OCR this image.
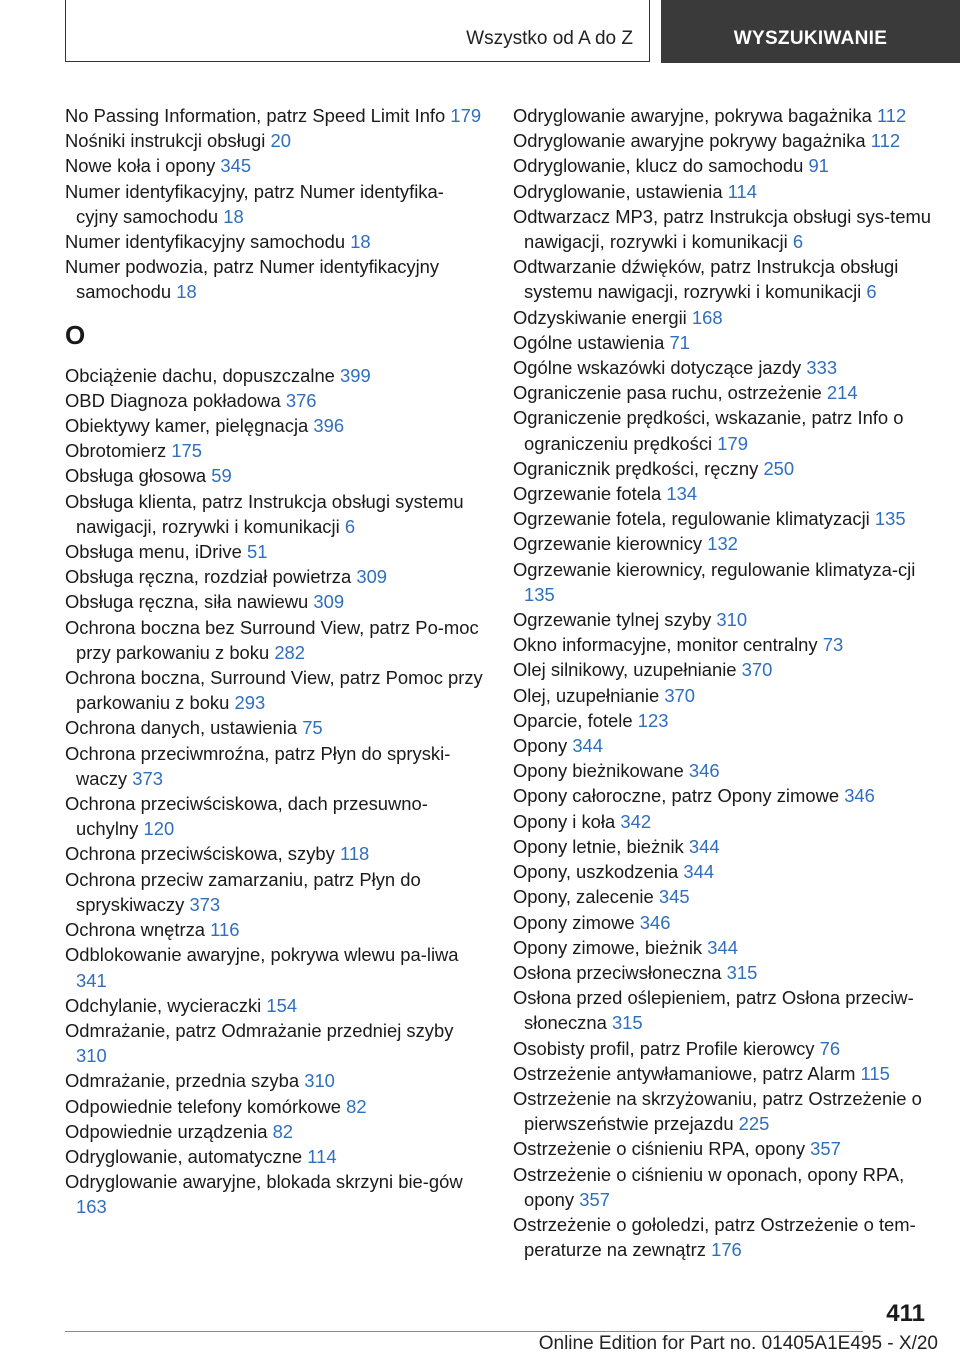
Wszystko od A do Z	WYSZUKIWANIE

No Passing Information, patrz Speed Limit Info 179

Nośniki instrukcji obsługi 20

Nowe koła i opony 345

Numer identyfikacyjny, patrz Numer identyfika-cyjny samochodu 18

Numer identyfikacyjny samochodu 18

Numer podwozia, patrz Numer identyfikacyjny samochodu 18

O

Obciążenie dachu, dopuszczalne 399

OBD Diagnoza pokładowa 376

Obiektywy kamer, pielęgnacja 396

Obrotomierz 175

Obsługa głosowa 59

Obsługa klienta, patrz Instrukcja obsługi systemu nawigacji, rozrywki i komunikacji 6

Obsługa menu, iDrive 51

Obsługa ręczna, rozdział powietrza 309

Obsługa ręczna, siła nawiewu 309

Ochrona boczna bez Surround View, patrz Po-moc przy parkowaniu z boku 282

Ochrona boczna, Surround View, patrz Pomoc przy parkowaniu z boku 293

Ochrona danych, ustawienia 75

Ochrona przeciwmroźna, patrz Płyn do spryski-waczy 373

Ochrona przeciwściskowa, dach przesuwno-uchylny 120

Ochrona przeciwściskowa, szyby 118

Ochrona przeciw zamarzaniu, patrz Płyn do spryskiwaczy 373

Ochrona wnętrza 116

Odblokowanie awaryjne, pokrywa wlewu pa-liwa 341

Odchylanie, wycieraczki 154

Odmrażanie, patrz Odmrażanie przedniej szyby 310

Odmrażanie, przednia szyba 310

Odpowiednie telefony komórkowe 82

Odpowiednie urządzenia 82

Odryglowanie, automatyczne 114

Odryglowanie awaryjne, blokada skrzyni bie-gów 163

Odryglowanie awaryjne, pokrywa bagażnika 112

Odryglowanie awaryjne pokrywy bagażnika 112

Odryglowanie, klucz do samochodu 91

Odryglowanie, ustawienia 114

Odtwarzacz MP3, patrz Instrukcja obsługi sys-temu nawigacji, rozrywki i komunikacji 6

Odtwarzanie dźwięków, patrz Instrukcja obsługi systemu nawigacji, rozrywki i komunikacji 6

Odzyskiwanie energii 168

Ogólne ustawienia 71

Ogólne wskazówki dotyczące jazdy 333

Ograniczenie pasa ruchu, ostrzeżenie 214

Ograniczenie prędkości, wskazanie, patrz Info o ograniczeniu prędkości 179

Ogranicznik prędkości, ręczny 250

Ogrzewanie fotela 134

Ogrzewanie fotela, regulowanie klimatyzacji 135

Ogrzewanie kierownicy 132

Ogrzewanie kierownicy, regulowanie klimatyza-cji 135

Ogrzewanie tylnej szyby 310

Okno informacyjne, monitor centralny 73

Olej silnikowy, uzupełnianie 370

Olej, uzupełnianie 370

Oparcie, fotele 123

Opony 344

Opony bieżnikowane 346

Opony całoroczne, patrz Opony zimowe 346

Opony i koła 342

Opony letnie, bieżnik 344

Opony, uszkodzenia 344

Opony, zalecenie 345

Opony zimowe 346

Opony zimowe, bieżnik 344

Osłona przeciwsłoneczna 315

Osłona przed oślepieniem, patrz Osłona przeciw-słoneczna 315

Osobisty profil, patrz Profile kierowcy 76

Ostrzeżenie antywłamaniowe, patrz Alarm 115

Ostrzeżenie na skrzyżowaniu, patrz Ostrzeżenie o pierwszeństwie przejazdu 225

Ostrzeżenie o ciśnieniu RPA, opony 357

Ostrzeżenie o ciśnieniu w oponach, opony RPA, opony 357

Ostrzeżenie o gołoledzi, patrz Ostrzeżenie o tem-peraturze na zewnątrz 176

411
Online Edition for Part no. 01405A1E495 - X/20
